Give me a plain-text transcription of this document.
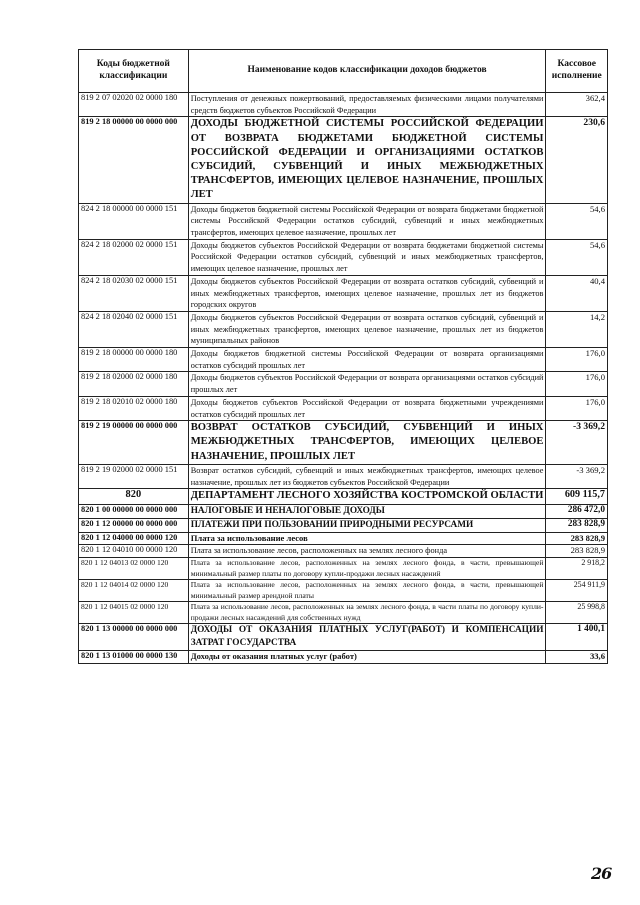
Коды бюджетной классификации	Наименование кодов классификации доходов бюджетов	Кассовое исполнение
819 2 07 02020 02 0000 180	Поступления от денежных пожертвований, предоставляемых физическими лицами получателями средств бюджетов субъектов Российской Федерации	362,4
819 2 18 00000 00 0000 000	ДОХОДЫ БЮДЖЕТНОЙ СИСТЕМЫ РОССИЙСКОЙ ФЕДЕРАЦИИ ОТ ВОЗВРАТА БЮДЖЕТАМИ БЮДЖЕТНОЙ СИСТЕМЫ РОССИЙСКОЙ ФЕДЕРАЦИИ И ОРГАНИЗАЦИЯМИ ОСТАТКОВ СУБСИДИЙ, СУБВЕНЦИЙ И ИНЫХ МЕЖБЮДЖЕТНЫХ ТРАНСФЕРТОВ, ИМЕЮЩИХ ЦЕЛЕВОЕ НАЗНАЧЕНИЕ, ПРОШЛЫХ ЛЕТ	230,6
824 2 18 00000 00 0000 151	Доходы бюджетов бюджетной системы Российской Федерации от возврата бюджетами бюджетной системы Российской Федерации остатков субсидий, субвенций и иных межбюджетных трансфертов, имеющих целевое назначение, прошлых лет	54,6
824 2 18 02000 02 0000 151	Доходы бюджетов субъектов Российской Федерации от возврата бюджетами бюджетной системы Российской Федерации остатков субсидий, субвенций и иных межбюджетных трансфертов, имеющих целевое назначение, прошлых лет	54,6
824 2 18 02030 02 0000 151	Доходы бюджетов субъектов Российской Федерации от возврата остатков субсидий, субвенций и иных межбюджетных трансфертов, имеющих целевое назначение, прошлых лет из бюджетов городских округов	40,4
824 2 18 02040 02 0000 151	Доходы бюджетов субъектов Российской Федерации от возврата остатков субсидий, субвенций и иных межбюджетных трансфертов, имеющих целевое назначение, прошлых лет из бюджетов муниципальных районов	14,2
819 2 18 00000 00 0000 180	Доходы бюджетов бюджетной системы Российской Федерации от возврата организациями остатков субсидий прошлых лет	176,0
819 2 18 02000 02 0000 180	Доходы бюджетов субъектов Российской Федерации от возврата организациями остатков субсидий прошлых лет	176,0
819 2 18 02010 02 0000 180	Доходы бюджетов субъектов Российской Федерации от возврата бюджетными учреждениями остатков субсидий прошлых лет	176,0
819 2 19 00000 00 0000 000	ВОЗВРАТ ОСТАТКОВ СУБСИДИЙ, СУБВЕНЦИЙ И ИНЫХ МЕЖБЮДЖЕТНЫХ ТРАНСФЕРТОВ, ИМЕЮЩИХ ЦЕЛЕВОЕ НАЗНАЧЕНИЕ, ПРОШЛЫХ ЛЕТ	-3 369,2
819 2 19 02000 02 0000 151	Возврат остатков субсидий, субвенций и иных межбюджетных трансфертов, имеющих целевое назначение, прошлых лет из бюджетов субъектов Российской Федерации	-3 369,2
820	ДЕПАРТАМЕНТ ЛЕСНОГО ХОЗЯЙСТВА КОСТРОМСКОЙ ОБЛАСТИ	609 115,7
820 1 00 00000 00 0000 000	НАЛОГОВЫЕ И НЕНАЛОГОВЫЕ ДОХОДЫ	286 472,0
820 1 12 00000 00 0000 000	ПЛАТЕЖИ ПРИ ПОЛЬЗОВАНИИ ПРИРОДНЫМИ РЕСУРСАМИ	283 828,9
820 1 12 04000 00 0000 120	Плата за использование лесов	283 828,9
820 1 12 04010 00 0000 120	Плата за использование лесов, расположенных на землях лесного фонда	283 828,9
820 1 12 04013 02 0000 120	Плата за использование лесов, расположенных на землях лесного фонда, в части, превышающей минимальный размер платы по договору купли-продажи лесных насаждений	2 918,2
820 1 12 04014 02 0000 120	Плата за использование лесов, расположенных на землях лесного фонда, в части, превышающей минимальный размер арендной платы	254 911,9
820 1 12 04015 02 0000 120	Плата за использование лесов, расположенных на землях лесного фонда, в части платы по договору купли-продажи лесных насаждений для собственных нужд	25 998,8
820 1 13 00000 00 0000 000	ДОХОДЫ ОТ ОКАЗАНИЯ ПЛАТНЫХ УСЛУГ(РАБОТ) И КОМПЕНСАЦИИ ЗАТРАТ ГОСУДАРСТВА	1 400,1
820 1 13 01000 00 0000 130	Доходы от оказания платных услуг (работ)	33,6
26
